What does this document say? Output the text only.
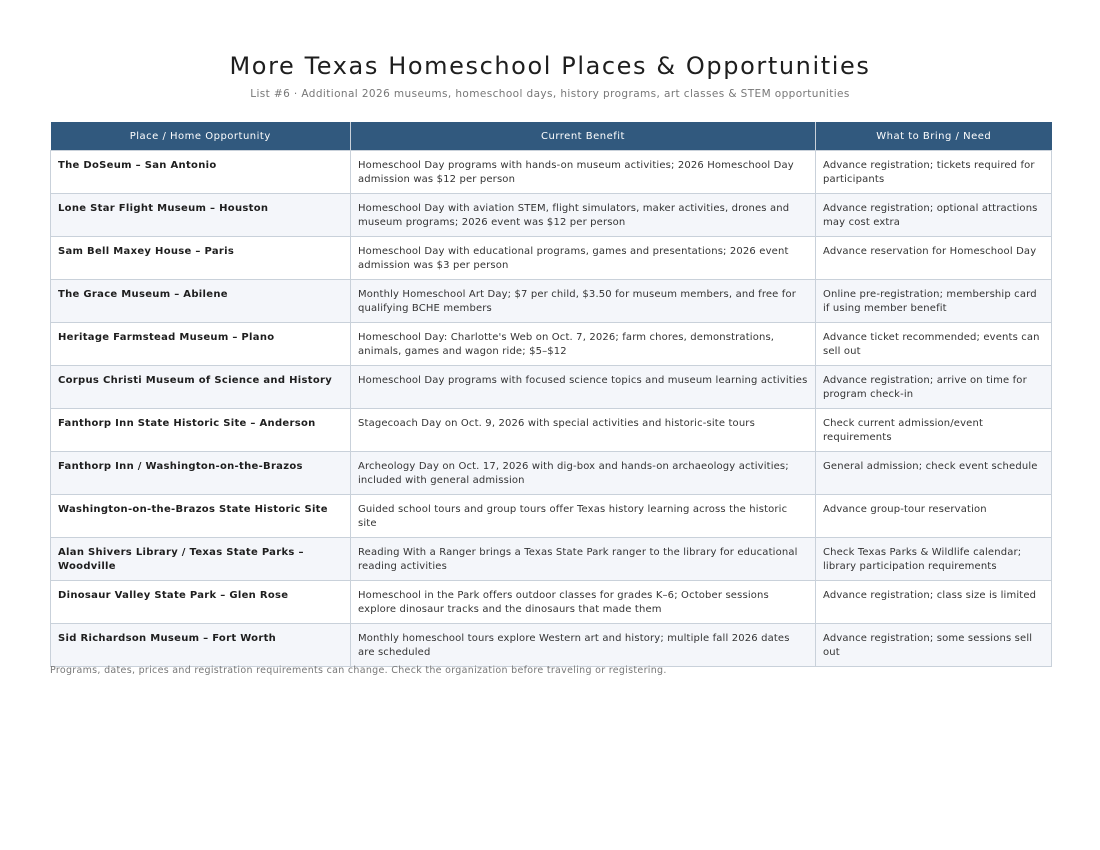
More Texas Homeschool Places & Opportunities
List #6 · Additional 2026 museums, homeschool days, history programs, art classes & STEM opportunities
Place / Home Opportunity	Current Benefit	What to Bring / Need
The DoSeum – San Antonio	Homeschool Day programs with hands-on museum activities; 2026 Homeschool Day admission was $12 per person	Advance registration; tickets required for participants
Lone Star Flight Museum – Houston	Homeschool Day with aviation STEM, flight simulators, maker activities, drones and museum programs; 2026 event was $12 per person	Advance registration; optional attractions may cost extra
Sam Bell Maxey House – Paris	Homeschool Day with educational programs, games and presentations; 2026 event admission was $3 per person	Advance reservation for Homeschool Day
The Grace Museum – Abilene	Monthly Homeschool Art Day; $7 per child, $3.50 for museum members, and free for qualifying BCHE members	Online pre-registration; membership card if using member benefit
Heritage Farmstead Museum – Plano	Homeschool Day: Charlotte's Web on Oct. 7, 2026; farm chores, demonstrations, animals, games and wagon ride; $5–$12	Advance ticket recommended; events can sell out
Corpus Christi Museum of Science and History	Homeschool Day programs with focused science topics and museum learning activities	Advance registration; arrive on time for program check-in
Fanthorp Inn State Historic Site – Anderson	Stagecoach Day on Oct. 9, 2026 with special activities and historic-site tours	Check current admission/event requirements
Fanthorp Inn / Washington-on-the-Brazos	Archeology Day on Oct. 17, 2026 with dig-box and hands-on archaeology activities; included with general admission	General admission; check event schedule
Washington-on-the-Brazos State Historic Site	Guided school tours and group tours offer Texas history learning across the historic site	Advance group-tour reservation
Alan Shivers Library / Texas State Parks – Woodville	Reading With a Ranger brings a Texas State Park ranger to the library for educational reading activities	Check Texas Parks & Wildlife calendar; library participation requirements
Dinosaur Valley State Park – Glen Rose	Homeschool in the Park offers outdoor classes for grades K–6; October sessions explore dinosaur tracks and the dinosaurs that made them	Advance registration; class size is limited
Sid Richardson Museum – Fort Worth	Monthly homeschool tours explore Western art and history; multiple fall 2026 dates are scheduled	Advance registration; some sessions sell out
Programs, dates, prices and registration requirements can change. Check the organization before traveling or registering.
